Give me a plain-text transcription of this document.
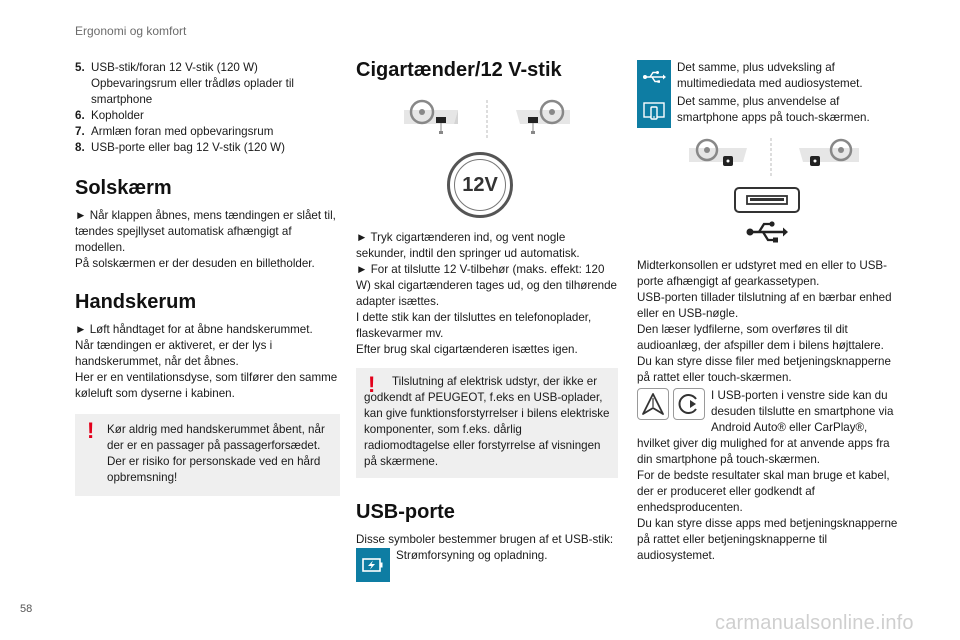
Ergonomi og komfort
5. USB-stik/foran 12 V-stik (120 W) Opbevaringsrum eller trådløs oplader til smartphone
6. Kopholder
7. Armlæn foran med opbevaringsrum
8. USB-porte eller bag 12 V-stik (120 W)
Solskærm

► Når klappen åbnes, mens tændingen er slået til, tændes spejllyset automatisk afhængigt af modellen.

På solskærmen er der desuden en billetholder.

Handskerum

► Løft håndtaget for at åbne handskerummet.

Når tændingen er aktiveret, er der lys i handskerummet, når det åbnes.

Her er en ventilationsdyse, som tilfører den samme køleluft som dyserne i kabinen.

!	Kør aldrig med handskerummet åbent, når der er en passager på passagerforsædet. Der er risiko for personskade ved en hård opbremsning!

Cigartænder/12 V-stik
12V

► Tryk cigartænderen ind, og vent nogle sekunder, indtil den springer ud automatisk.

► For at tilslutte 12 V-tilbehør (maks. effekt: 120 W) skal cigartænderen tages ud, og den tilhørende adapter isættes.

I dette stik kan der tilsluttes en telefonoplader, flaskevarmer mv.

Efter brug skal cigartænderen isættes igen.

!	Tilslutning af elektrisk udstyr, der ikke er godkendt af PEUGEOT, f.eks en USB-oplader, kan give funktionsforstyrrelser i bilens elektriske komponenter, som f.eks. dårlig radiomodtagelse eller forstyrrelse af visningen på skærmene.

USB-porte

Disse symboler bestemmer brugen af et USB-stik:

Strømforsyning og opladning.
Det samme, plus udveksling af multimediedata med audiosystemet.
Det samme, plus anvendelse af smartphone apps på touch-skærmen.

Midterkonsollen er udstyret med en eller to USB-porte afhængigt af gearkassetypen.

USB-porten tillader tilslutning af en bærbar enhed eller en USB-nøgle.

Den læser lydfilerne, som overføres til dit audioanlæg, der afspiller dem i bilens højttalere.

Du kan styre disse filer med betjeningsknapperne på rattet eller touch-skærmen.

I USB-porten i venstre side kan du desuden tilslutte en smartphone via Android Auto® eller CarPlay®, hvilket giver dig mulighed for at anvende apps fra din smartphone på touch-skærmen.

For de bedste resultater skal man bruge et kabel, der er produceret eller godkendt af enhedsproducenten.

Du kan styre disse apps med betjeningsknapperne på rattet eller betjeningsknapperne til audiosystemet.

58
carmanualsonline.info
